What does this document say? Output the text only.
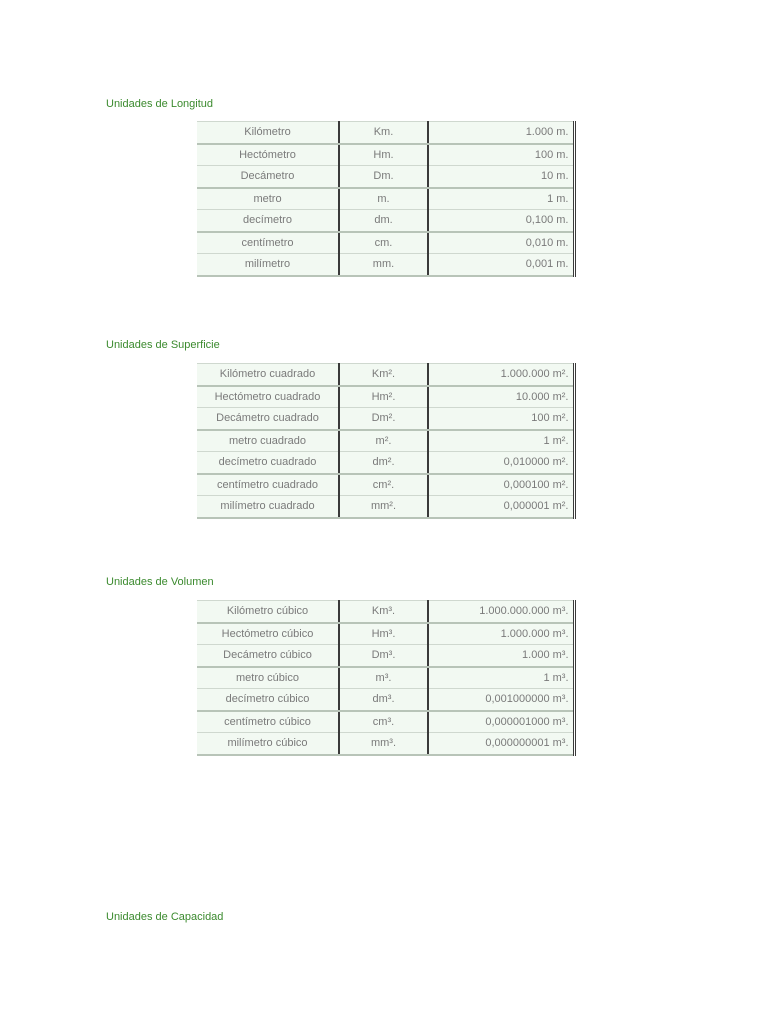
Unidades de Longitud
Kilómetro	Km.	1.000 m.
Hectómetro	Hm.	100 m.
Decámetro	Dm.	10 m.
metro	m.	1 m.
decímetro	dm.	0,100 m.
centímetro	cm.	0,010 m.
milímetro	mm.	0,001 m.
Unidades de Superficie
Kilómetro cuadrado	Km².	1.000.000 m².
Hectómetro cuadrado	Hm².	10.000 m².
Decámetro cuadrado	Dm².	100 m².
metro cuadrado	m².	1 m².
decímetro cuadrado	dm².	0,010000 m².
centímetro cuadrado	cm².	0,000100 m².
milímetro cuadrado	mm².	0,000001 m².
Unidades de Volumen
Kilómetro cúbico	Km³.	1.000.000.000 m³.
Hectómetro cúbico	Hm³.	1.000.000 m³.
Decámetro cúbico	Dm³.	1.000 m³.
metro cúbico	m³.	1 m³.
decímetro cúbico	dm³.	0,001000000 m³.
centímetro cúbico	cm³.	0,000001000 m³.
milímetro cúbico	mm³.	0,000000001 m³.
Unidades de Capacidad
